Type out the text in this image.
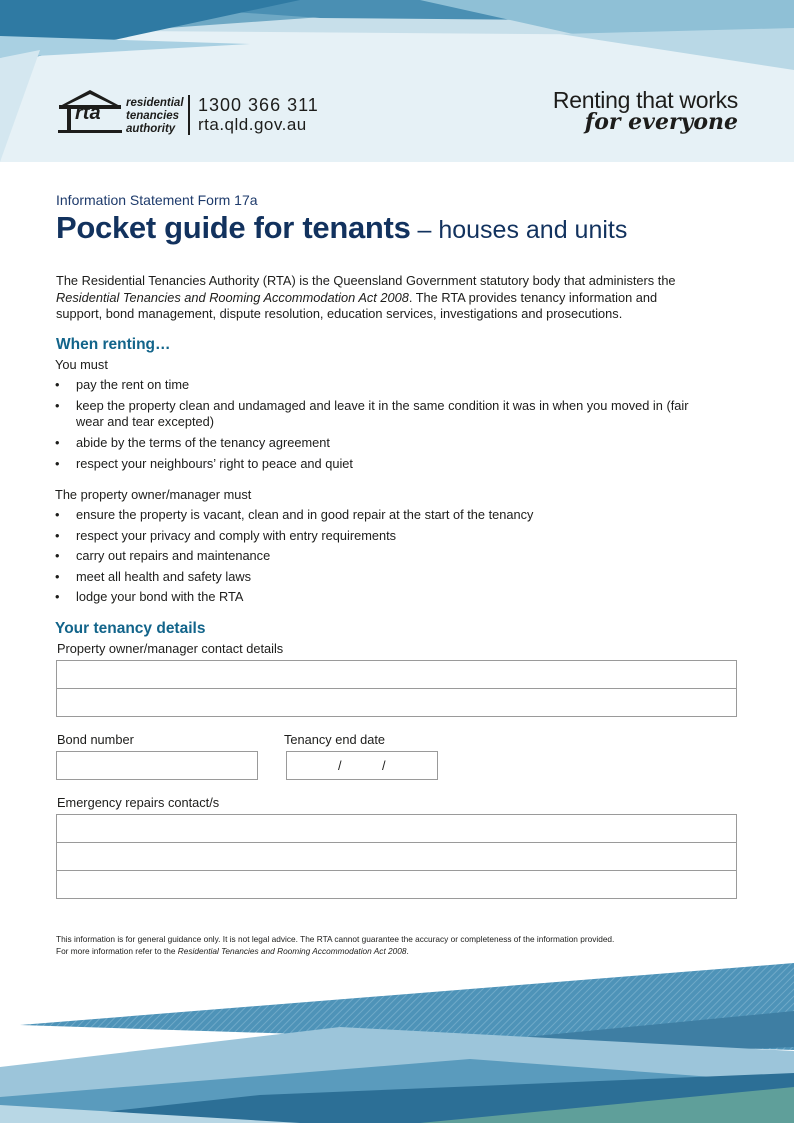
rta residential
tenancies
authority
1300 366 311
rta.qld.gov.au
Renting that works
for everyone
Information Statement Form 17a
Pocket guide for tenants – houses and units
The Residential Tenancies Authority (RTA) is the Queensland Government statutory body that administers the
Residential Tenancies and Rooming Accommodation Act 2008. The RTA provides tenancy information and
support, bond management, dispute resolution, education services, investigations and prosecutions.
When renting…
You must
• pay the rent on time
• keep the property clean and undamaged and leave it in the same condition it was in when you moved in (fair wear and tear excepted)
• abide by the terms of the tenancy agreement
• respect your neighbours’ right to peace and quiet
The property owner/manager must
• ensure the property is vacant, clean and in good repair at the start of the tenancy
• respect your privacy and comply with entry requirements
• carry out repairs and maintenance
• meet all health and safety laws
• lodge your bond with the RTA
Your tenancy details
Property owner/manager contact details
Bond number	Tenancy end date
/	/
Emergency repairs contact/s
This information is for general guidance only. It is not legal advice. The RTA cannot guarantee the accuracy or completeness of the information provided.
For more information refer to the Residential Tenancies and Rooming Accommodation Act 2008.
